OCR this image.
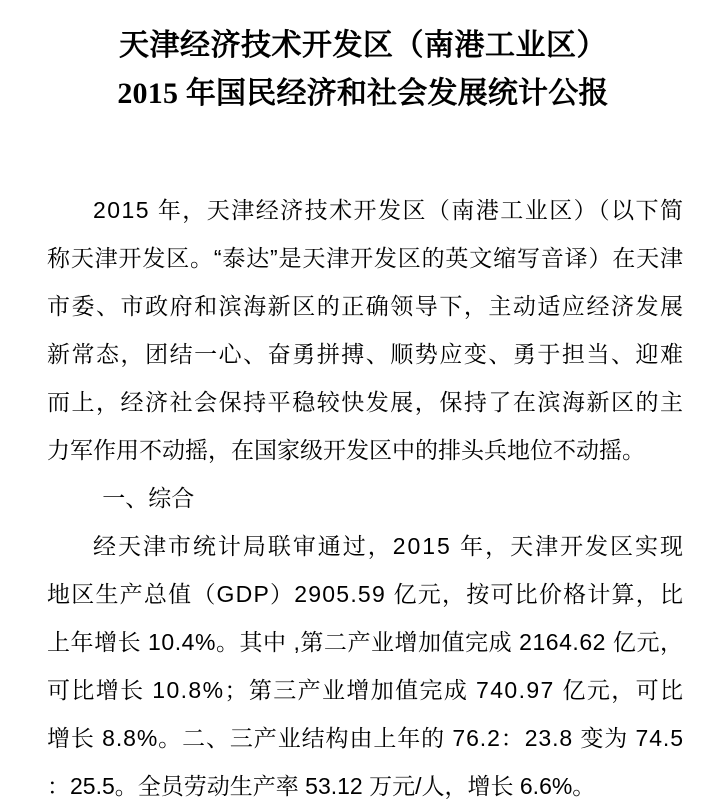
天津经济技术开发区（南港工业区）
2015 年国民经济和社会发展统计公报
2015 年，天津经济技术开发区（南港工业区）（以下简
称天津开发区。“泰达”是天津开发区的英文缩写音译）在天津
市委、市政府和滨海新区的正确领导下，主动适应经济发展
新常态，团结一心、奋勇拼搏、顺势应变、勇于担当、迎难
而上，经济社会保持平稳较快发展，保持了在滨海新区的主
力军作用不动摇，在国家级开发区中的排头兵地位不动摇。
一、综合
经天津市统计局联审通过，2015 年，天津开发区实现
地区生产总值（GDP）2905.59 亿元，按可比价格计算，比
上年增长 10.4%。其中 ,第二产业增加值完成 2164.62 亿元，
可比增长 10.8%；第三产业增加值完成 740.97 亿元，可比
增长 8.8%。二、三产业结构由上年的 76.2：23.8 变为 74.5
：25.5。全员劳动生产率 53.12 万元/人，增长 6.6%。
